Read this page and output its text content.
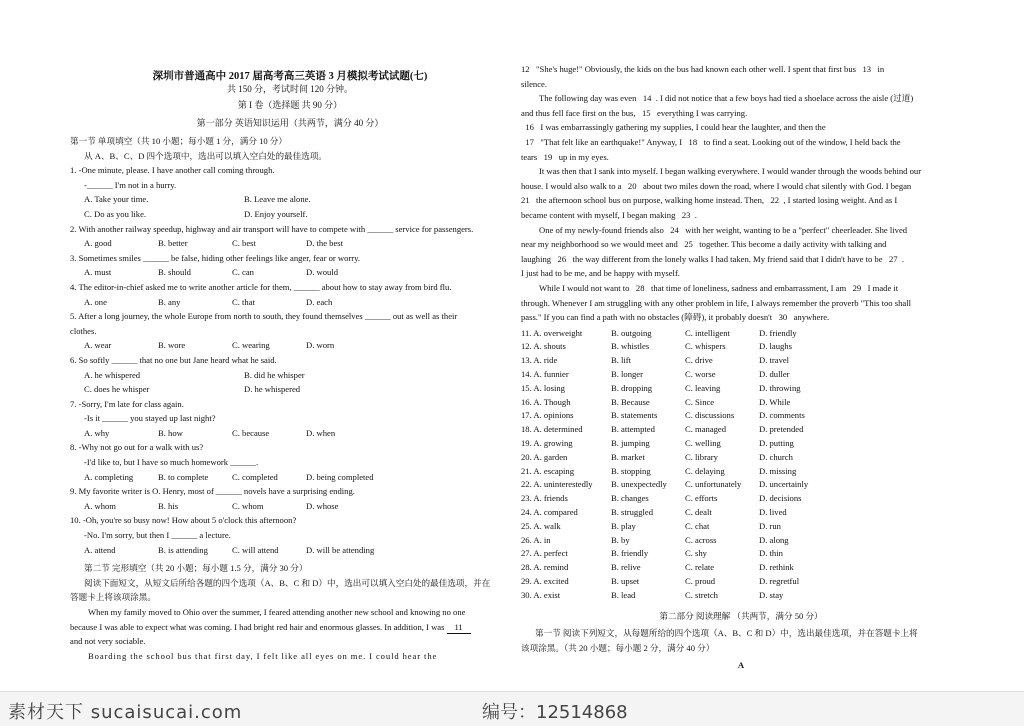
深圳市普通高中 2017 届高考高三英语 3 月模拟考试试题(七)
共 150 分，考试时间 120 分钟。
第 I 卷（选择题 共 90 分）
第一部分 英语知识运用（共两节，满分 40 分）
第一节 单项填空（共 10 小题；每小题 1 分，满分 10 分）
从 A、B、C、D 四个选项中，选出可以填入空白处的最佳选项。
1. -One minute, please. I have another call coming through.
-______ I'm not in a hurry.
A. Take your time.	B. Leave me alone.
C. Do as you like.	D. Enjoy yourself.
2. With another railway speedup, highway and air transport will have to compete with ______ service for passengers.
A. good	B. better	C. best	D. the best
3. Sometimes smiles ______ be false, hiding other feelings like anger, fear or worry.
A. must	B. should	C. can	D. would
4. The editor-in-chief asked me to write another article for them, ______ about how to stay away from bird flu.
A. one	B. any	C. that	D. each
5. After a long journey, the whole Europe from north to south, they found themselves ______ out as well as their
clothes.
A. wear	B. wore	C. wearing	D. worn
6. So softly ______ that no one but Jane heard what he said.
A. he whispered	B. did he whisper
C. does he whisper	D. he whispered
7. -Sorry, I'm late for class again.
-Is it ______ you stayed up last night?
A. why	B. how	C. because	D. when
8. -Why not go out for a walk with us?
-I'd like to, but I have so much homework ______.
A. completing	B. to complete	C. completed	D. being completed
9. My favorite writer is O. Henry, most of ______ novels have a surprising ending.
A. whom	B. his	C. whom	D. whose
10. -Oh, you're so busy now! How about 5 o'clock this afternoon?
-No. I'm sorry, but then I ______ a lecture.
A. attend	B. is attending	C. will attend	D. will be attending
第二节 完形填空（共 20 小题；每小题 1.5 分，满分 30 分）
阅读下面短文，从短文后所给各题的四个选项（A、B、C 和 D）中，选出可以填入空白处的最佳选项，并在
答题卡上将该项涂黑。
When my family moved to Ohio over the summer, I feared attending another new school and knowing no one
because I was able to expect what was coming. I had bright red hair and enormous glasses. In addition, I was 11
and not very sociable.
Boarding the school bus that first day, I felt like all eyes on me. I could hear the
12   "She's huge!" Obviously, the kids on the bus had known each other well. I spent that first bus   13   in
silence.
The following day was even   14  . I did not notice that a few boys had tied a shoelace across the aisle (过道)
and thus fell face first on the bus,   15   everything I was carrying.
16   I was embarrassingly gathering my supplies, I could hear the laughter, and then the
17   "That felt like an earthquake!" Anyway, I   18   to find a seat. Looking out of the window, I held back the
tears   19   up in my eyes.
It was then that I sank into myself. I began walking everywhere. I would wander through the woods behind our
house. I would also walk to a   20   about two miles down the road, where I would chat silently with God. I began
21   the afternoon school bus on purpose, walking home instead. Then,   22  , I started losing weight. And as I
became content with myself, I began making   23  .
One of my newly-found friends also   24   with her weight, wanting to be a "perfect" cheerleader. She lived
near my neighborhood so we would meet and   25   together. This become a daily activity with talking and
laughing   26   the way different from the lonely walks I had taken. My friend said that I didn't have to be   27  .
I just had to be me, and be happy with myself.
While I would not want to   28   that time of loneliness, sadness and embarrassment, I am   29   I made it
through. Whenever I am struggling with any other problem in life, I always remember the proverb "This too shall
pass." If you can find a path with no obstacles (障碍), it probably doesn't   30   anywhere.
11. A. overweight	B. outgoing	C. intelligent	D. friendly
12. A. shouts	B. whistles	C. whispers	D. laughs
13. A. ride	B. lift	C. drive	D. travel
14. A. funnier	B. longer	C. worse	D. duller
15. A. losing	B. dropping	C. leaving	D. throwing
16. A. Though	B. Because	C. Since	D. While
17. A. opinions	B. statements	C. discussions	D. comments
18. A. determined	B. attempted	C. managed	D. pretended
19. A. growing	B. jumping	C. welling	D. putting
20. A. garden	B. market	C. library	D. church
21. A. escaping	B. stopping	C. delaying	D. missing
22. A. uninterestedly	B. unexpectedly	C. unfortunately	D. uncertainly
23. A. friends	B. changes	C. efforts	D. decisions
24. A. compared	B. struggled	C. dealt	D. lived
25. A. walk	B. play	C. chat	D. run
26. A. in	B. by	C. across	D. along
27. A. perfect	B. friendly	C. shy	D. thin
28. A. remind	B. relive	C. relate	D. rethink
29. A. excited	B. upset	C. proud	D. regretful
30. A. exist	B. lead	C. stretch	D. stay
第二部分 阅读理解 （共两节，满分 50 分）
第一节 阅读下列短文，从每题所给的四个选项（A、B、C 和 D）中，选出最佳选项，并在答题卡上将
该项涂黑。（共 20 小题；每小题 2 分，满分 40 分）
A
素材天下 sucaisucai.com	编号：12514868
